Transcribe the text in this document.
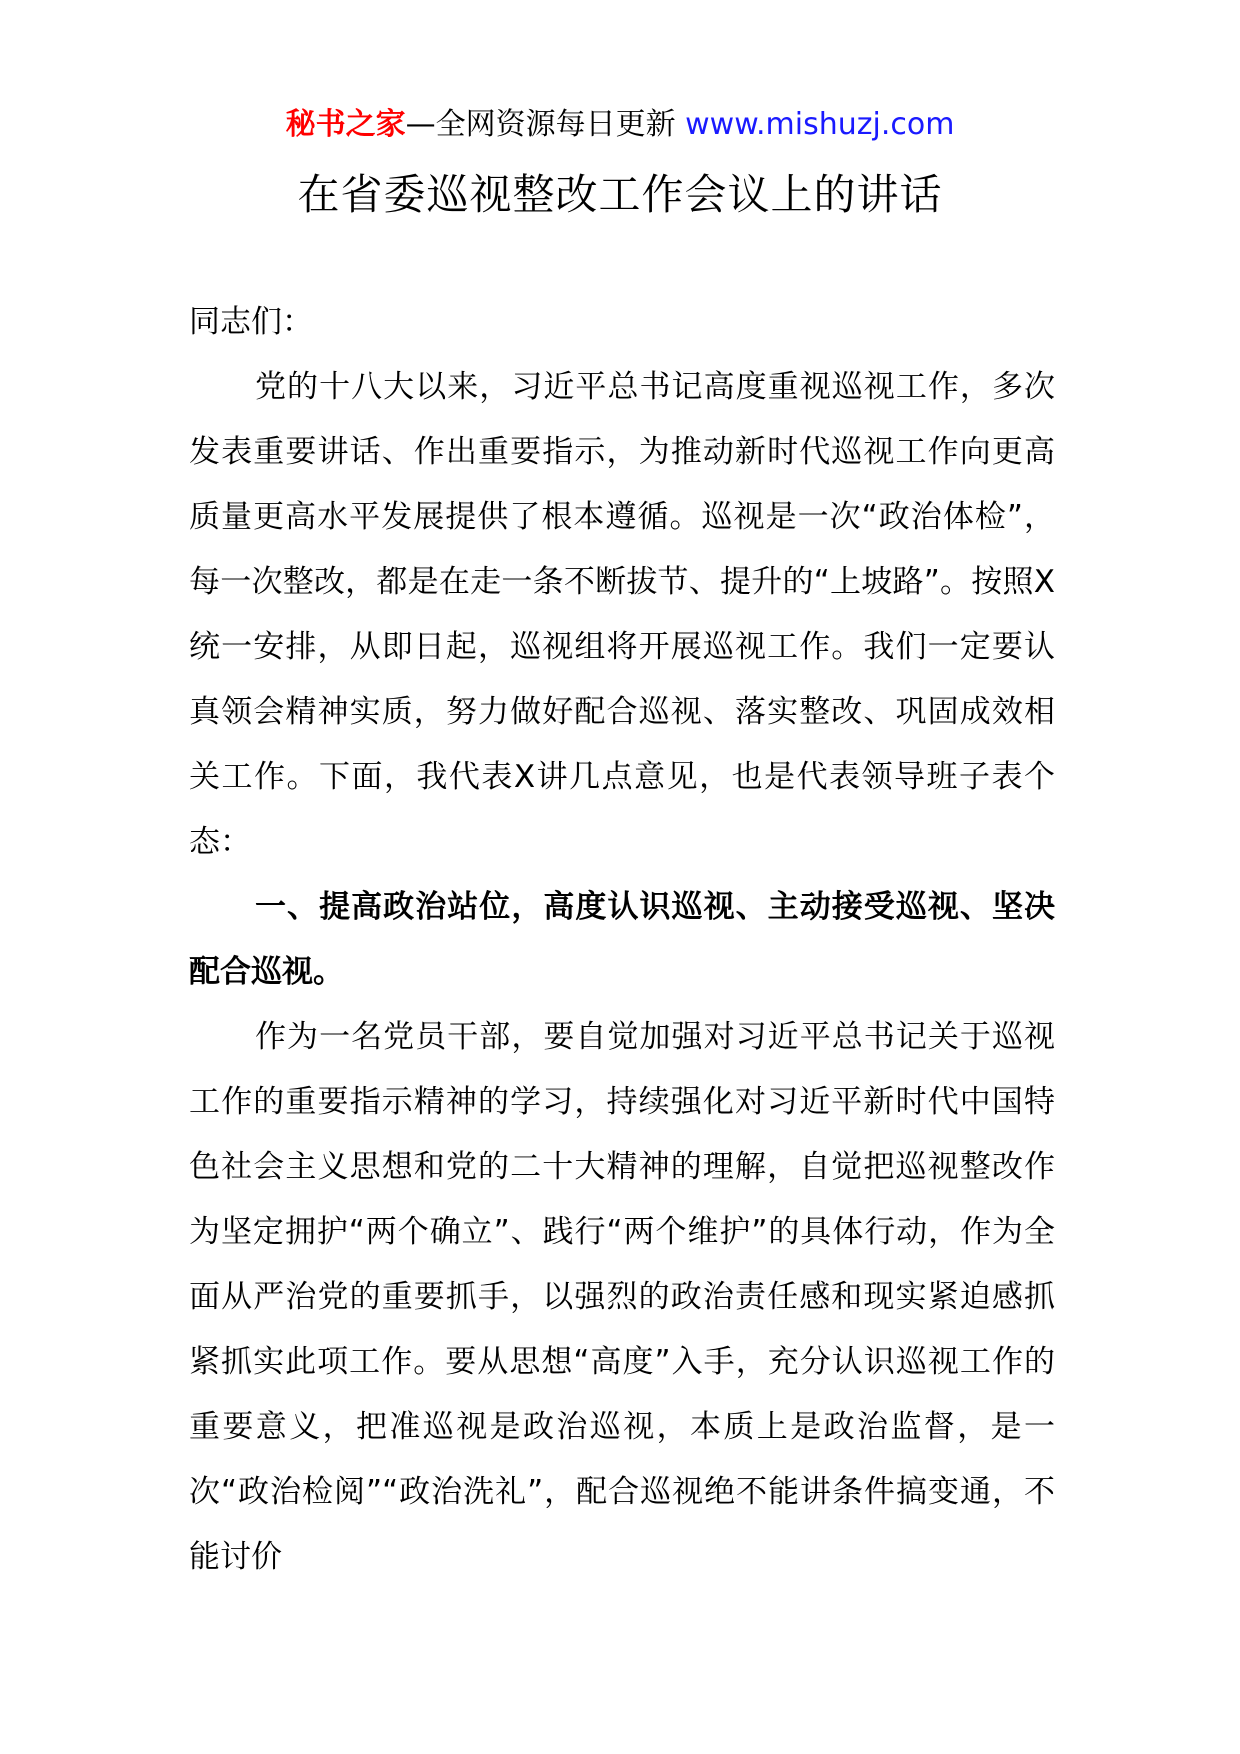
秘书之家—全网资源每日更新 www.mishuzj.com
在省委巡视整改工作会议上的讲话

同志们：

党的十八大以来，习近平总书记高度重视巡视工作，多次发表重要讲话、作出重要指示，为推动新时代巡视工作向更高质量更高水平发展提供了根本遵循。巡视是一次“政治体检”，每一次整改，都是在走一条不断拔节、提升的“上坡路”。按照X统一安排，从即日起，巡视组将开展巡视工作。我们一定要认真领会精神实质，努力做好配合巡视、落实整改、巩固成效相关工作。下面，我代表X讲几点意见，也是代表领导班子表个态：

一、提高政治站位，高度认识巡视、主动接受巡视、坚决配合巡视。

作为一名党员干部，要自觉加强对习近平总书记关于巡视工作的重要指示精神的学习，持续强化对习近平新时代中国特色社会主义思想和党的二十大精神的理解，自觉把巡视整改作为坚定拥护“两个确立”、践行“两个维护”的具体行动，作为全面从严治党的重要抓手，以强烈的政治责任感和现实紧迫感抓紧抓实此项工作。要从思想“高度”入手，充分认识巡视工作的重要意义，把准巡视是政治巡视，本质上是政治监督，是一次“政治检阅”“政治洗礼”，配合巡视绝不能讲条件搞变通，不能讨价
